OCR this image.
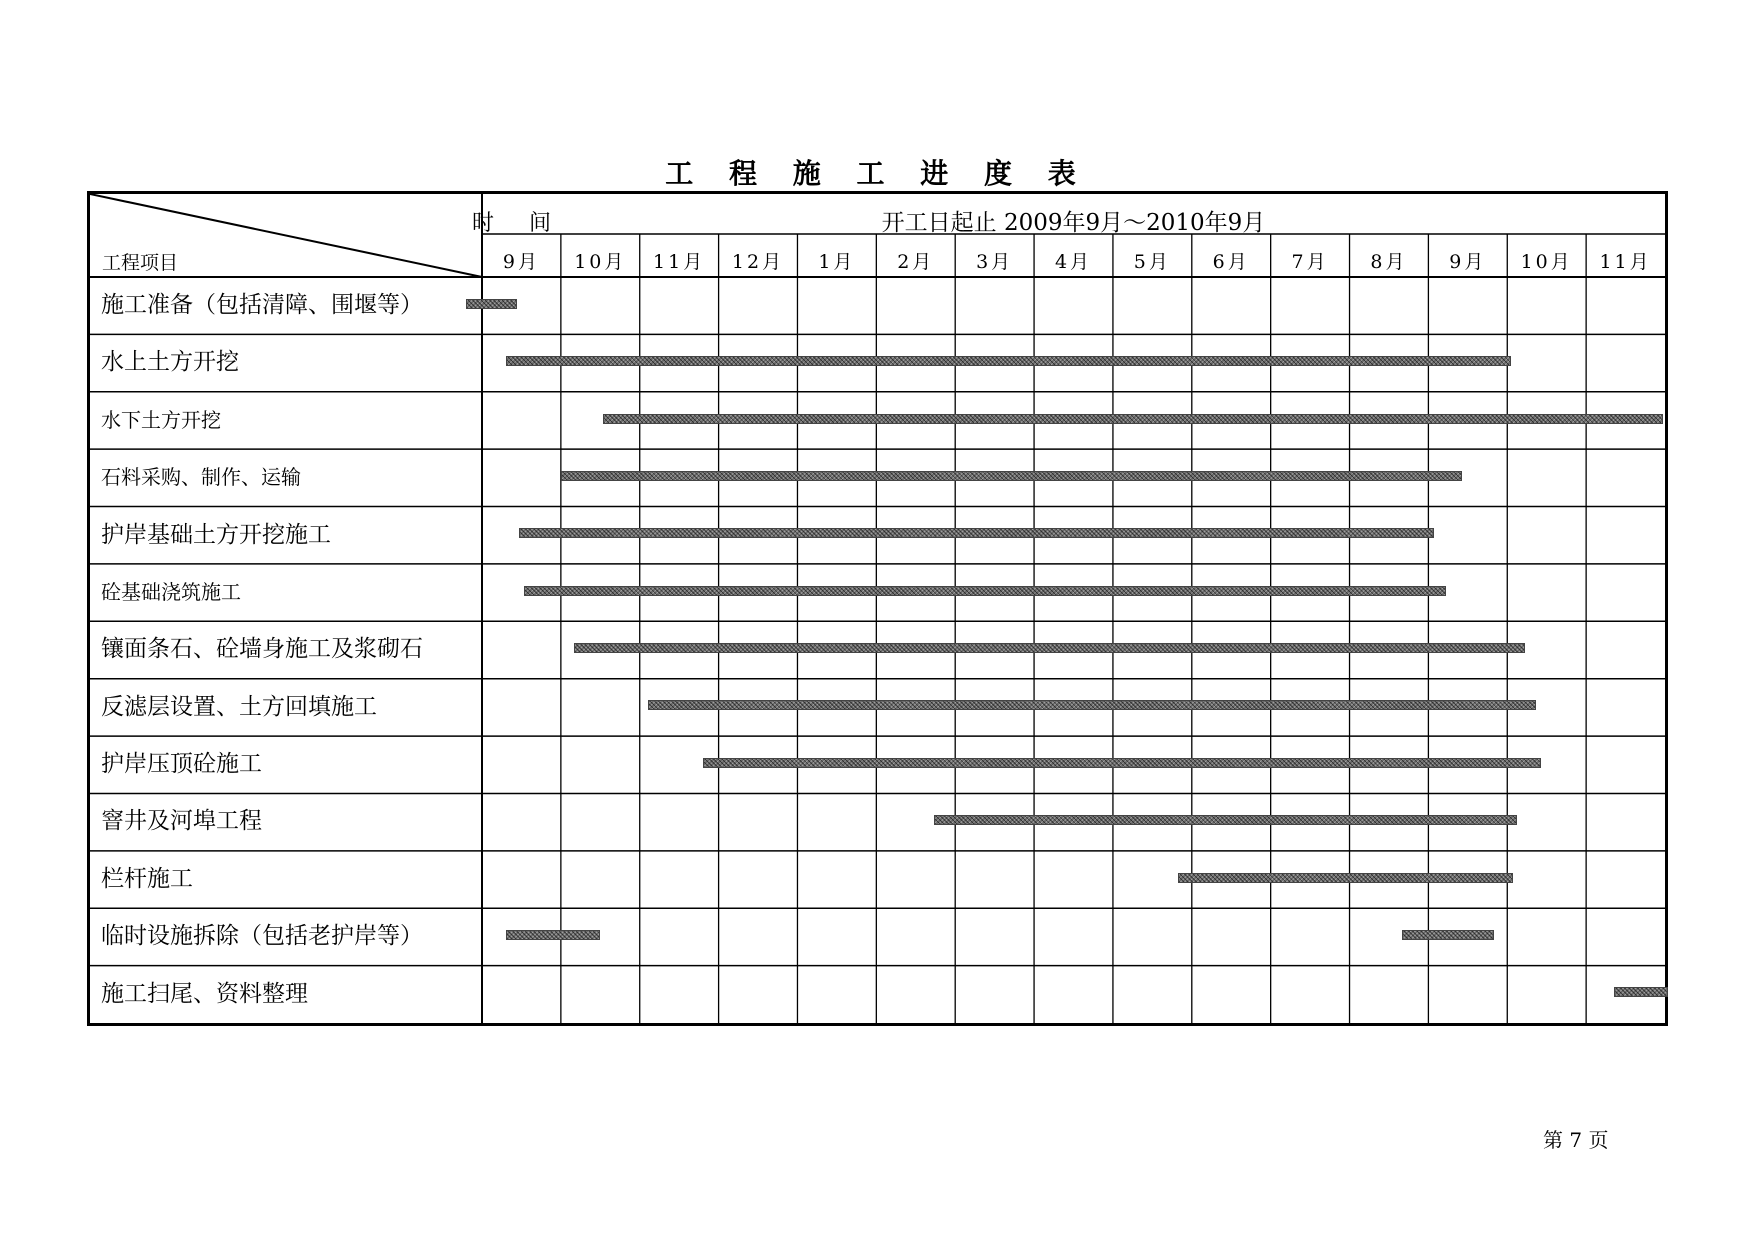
工 程 施 工 进 度 表
时 间
工程项目
开工日起止 2009年9月～2010年9月
9月	10月	11月	12月	1月	2月	3月	4月	5月	6月	7月	8月	9月	10月	11月
施工准备（包括清障、围堰等）
水上土方开挖
水下土方开挖
石料采购、制作、运输
护岸基础土方开挖施工
砼基础浇筑施工
镶面条石、砼墙身施工及浆砌石
反滤层设置、土方回填施工
护岸压顶砼施工
窨井及河埠工程
栏杆施工
临时设施拆除（包括老护岸等）
施工扫尾、资料整理
第 7 页
